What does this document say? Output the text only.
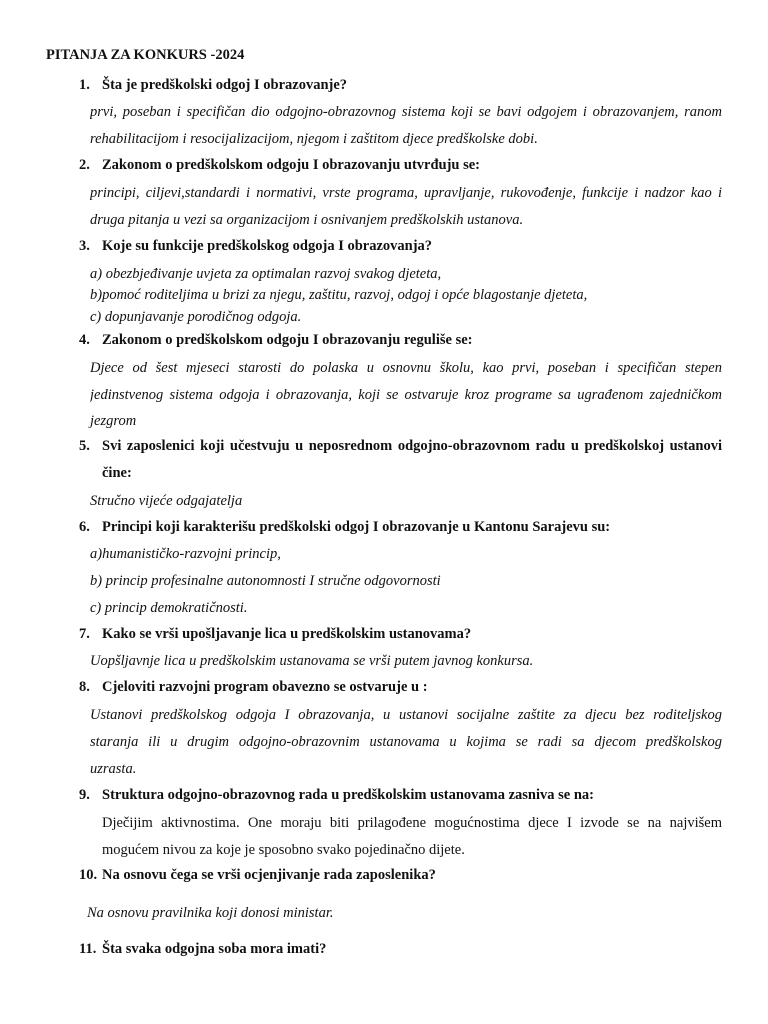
PITANJA ZA KONKURS -2024
1. Šta je predškolski odgoj I obrazovanje?
prvi, poseban i specifičan dio odgojno-obrazovnog sistema koji se bavi odgojem i obrazovanjem, ranom
rehabilitacijom i resocijalizacijom, njegom i zaštitom djece predškolske dobi.
2. Zakonom o predškolskom odgoju I obrazovanju utvrđuju se:
principi, ciljevi,standardi i normativi, vrste programa, upravljanje, rukovođenje, funkcije i nadzor kao i
druga pitanja u vezi sa organizacijom i osnivanjem predškolskih ustanova.
3. Koje su funkcije predškolskog odgoja I obrazovanja?
a) obezbjeđivanje uvjeta za optimalan razvoj svakog djeteta,
b)pomoć roditeljima u brizi za njegu, zaštitu, razvoj, odgoj i opće blagostanje djeteta,
c) dopunjavanje porodičnog odgoja.
4. Zakonom o predškolskom odgoju I obrazovanju reguliše se:
Djece od šest mjeseci starosti do polaska u osnovnu školu, kao prvi, poseban i specifičan stepen
jedinstvenog sistema odgoja i obrazovanja, koji se ostvaruje kroz programe sa ugrađenom zajedničkom
jezgrom
5. Svi zaposlenici koji učestvuju u neposrednom odgojno-obrazovnom radu u predškolskoj ustanovi čine:
Stručno vijeće odgajatelja
6. Principi koji karakterišu predškolski odgoj I obrazovanje u Kantonu Sarajevu su:
a)humanističko-razvojni princip,
b) princip profesinalne autonomnosti I stručne odgovornosti
c) princip demokratičnosti.
7. Kako se vrši upošljavanje lica u predškolskim ustanovama?
Uopšljavnje lica u predškolskim ustanovama se vrši putem javnog konkursa.
8. Cjeloviti razvojni program obavezno se ostvaruje u :
Ustanovi predškolskog odgoja I obrazovanja, u ustanovi socijalne zaštite za djecu bez roditeljskog
staranja ili u drugim odgojno-obrazovnim ustanovama u kojima se radi sa djecom predškolskog
uzrasta.
9. Struktura odgojno-obrazovnog rada u predškolskim ustanovama zasniva se na:
Dječijim aktivnostima. One moraju biti prilagođene mogućnostima djece I izvode se na najvišem
mogućem nivou za koje je sposobno svako pojedinačno dijete.
10. Na osnovu čega se vrši ocjenjivanje rada zaposlenika?
Na osnovu pravilnika koji donosi ministar.
11. Šta svaka odgojna soba mora imati?
